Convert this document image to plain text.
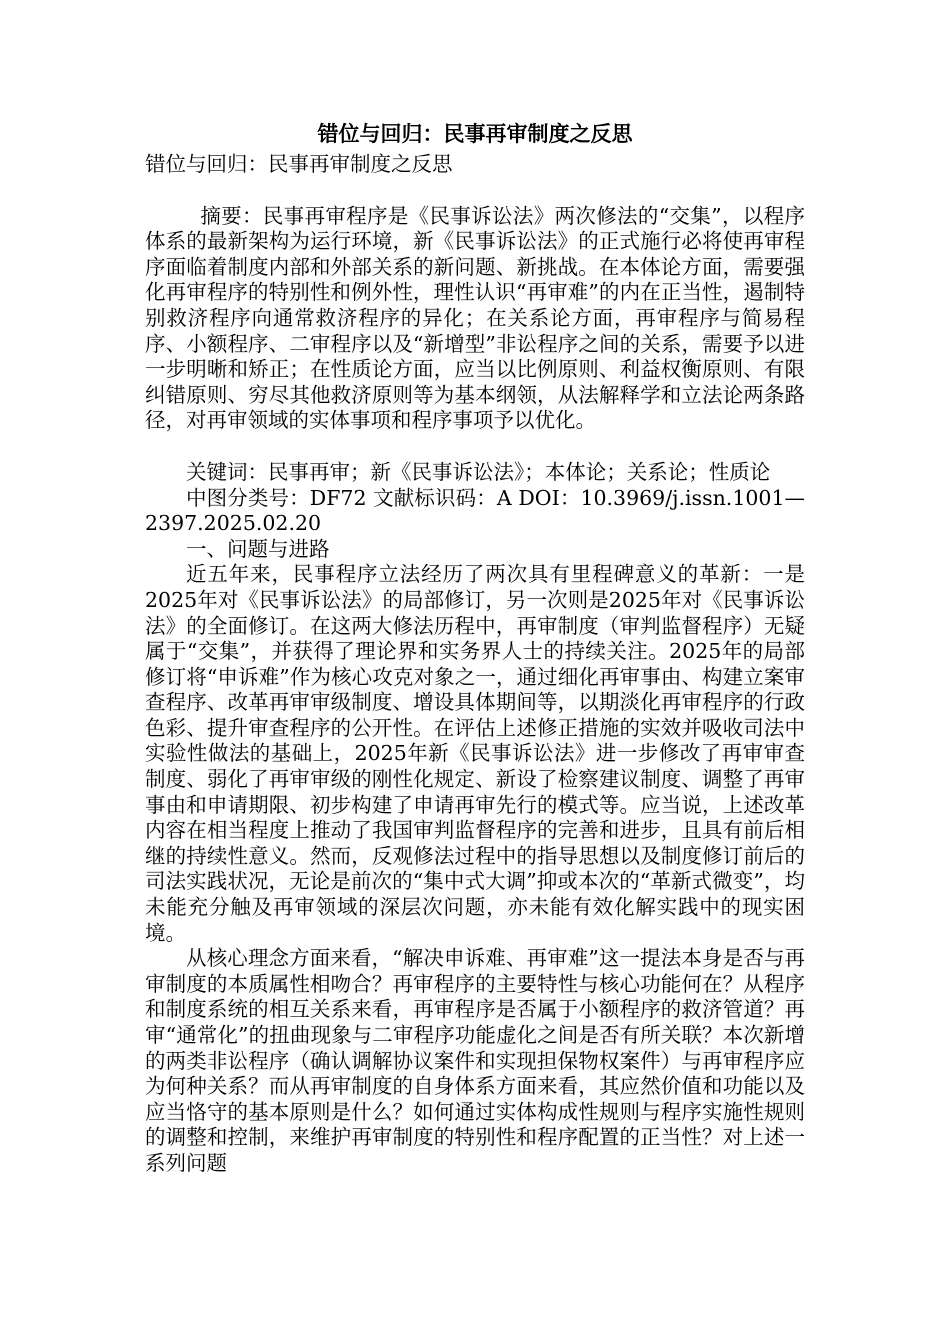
错位与回归：民事再审制度之反思

错位与回归：民事再审制度之反思

摘要：民事再审程序是《民事诉讼法》两次修法的“交集”，以程序体系的最新架构为运行环境，新《民事诉讼法》的正式施行必将使再审程序面临着制度内部和外部关系的新问题、新挑战。在本体论方面，需要强化再审程序的特别性和例外性，理性认识“再审难”的内在正当性，遏制特别救济程序向通常救济程序的异化；在关系论方面，再审程序与简易程序、小额程序、二审程序以及“新增型”非讼程序之间的关系，需要予以进一步明晰和矫正；在性质论方面，应当以比例原则、利益权衡原则、有限纠错原则、穷尽其他救济原则等为基本纲领，从法解释学和立法论两条路径，对再审领域的实体事项和程序事项予以优化。

关键词：民事再审；新《民事诉讼法》；本体论；关系论；性质论

中图分类号：DF72 文献标识码：A DOI：10.3969/j.issn.1001—2397.2025.02.20

一、问题与进路

近五年来，民事程序立法经历了两次具有里程碑意义的革新：一是2025年对《民事诉讼法》的局部修订，另一次则是2025年对《民事诉讼法》的全面修订。在这两大修法历程中，再审制度（审判监督程序）无疑属于“交集”，并获得了理论界和实务界人士的持续关注。2025年的局部修订将“申诉难”作为核心攻克对象之一，通过细化再审事由、构建立案审查程序、改革再审审级制度、增设具体期间等，以期淡化再审程序的行政色彩、提升审查程序的公开性。在评估上述修正措施的实效并吸收司法中实验性做法的基础上，2025年新《民事诉讼法》进一步修改了再审审查制度、弱化了再审审级的刚性化规定、新设了检察建议制度、调整了再审事由和申请期限、初步构建了申请再审先行的模式等。应当说，上述改革内容在相当程度上推动了我国审判监督程序的完善和进步，且具有前后相继的持续性意义。然而，反观修法过程中的指导思想以及制度修订前后的司法实践状况，无论是前次的“集中式大调”抑或本次的“革新式微变”，均未能充分触及再审领域的深层次问题，亦未能有效化解实践中的现实困境。

从核心理念方面来看，“解决申诉难、再审难”这一提法本身是否与再审制度的本质属性相吻合？再审程序的主要特性与核心功能何在？从程序和制度系统的相互关系来看，再审程序是否属于小额程序的救济管道？再审“通常化”的扭曲现象与二审程序功能虚化之间是否有所关联？本次新增的两类非讼程序（确认调解协议案件和实现担保物权案件）与再审程序应为何种关系？而从再审制度的自身体系方面来看，其应然价值和功能以及应当恪守的基本原则是什么？如何通过实体构成性规则与程序实施性规则的调整和控制，来维护再审制度的特别性和程序配置的正当性？对上述一系列问题
